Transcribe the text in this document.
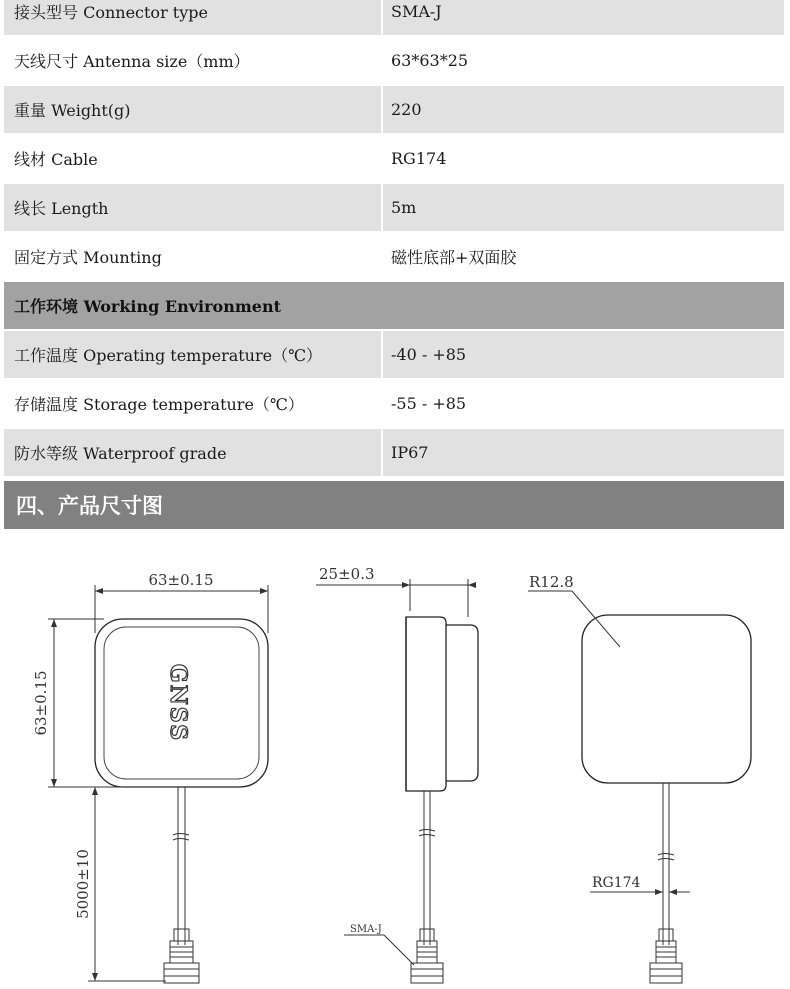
接头型号 Connector type	SMA-J
天线尺寸 Antenna size（mm）	63*63*25
重量 Weight(g)	220
线材 Cable	RG174
线长 Length	5m
固定方式 Mounting	磁性底部+双面胶
工作环境 Working Environment
工作温度 Operating temperature（℃）	-40 - +85
存储温度 Storage temperature（℃）	-55 - +85
防水等级 Waterproof grade	IP67
四、产品尺寸图
63±0.15
63±0.15	GNSS
5000±10
25±0.3
SMA-J
R12.8
RG174
